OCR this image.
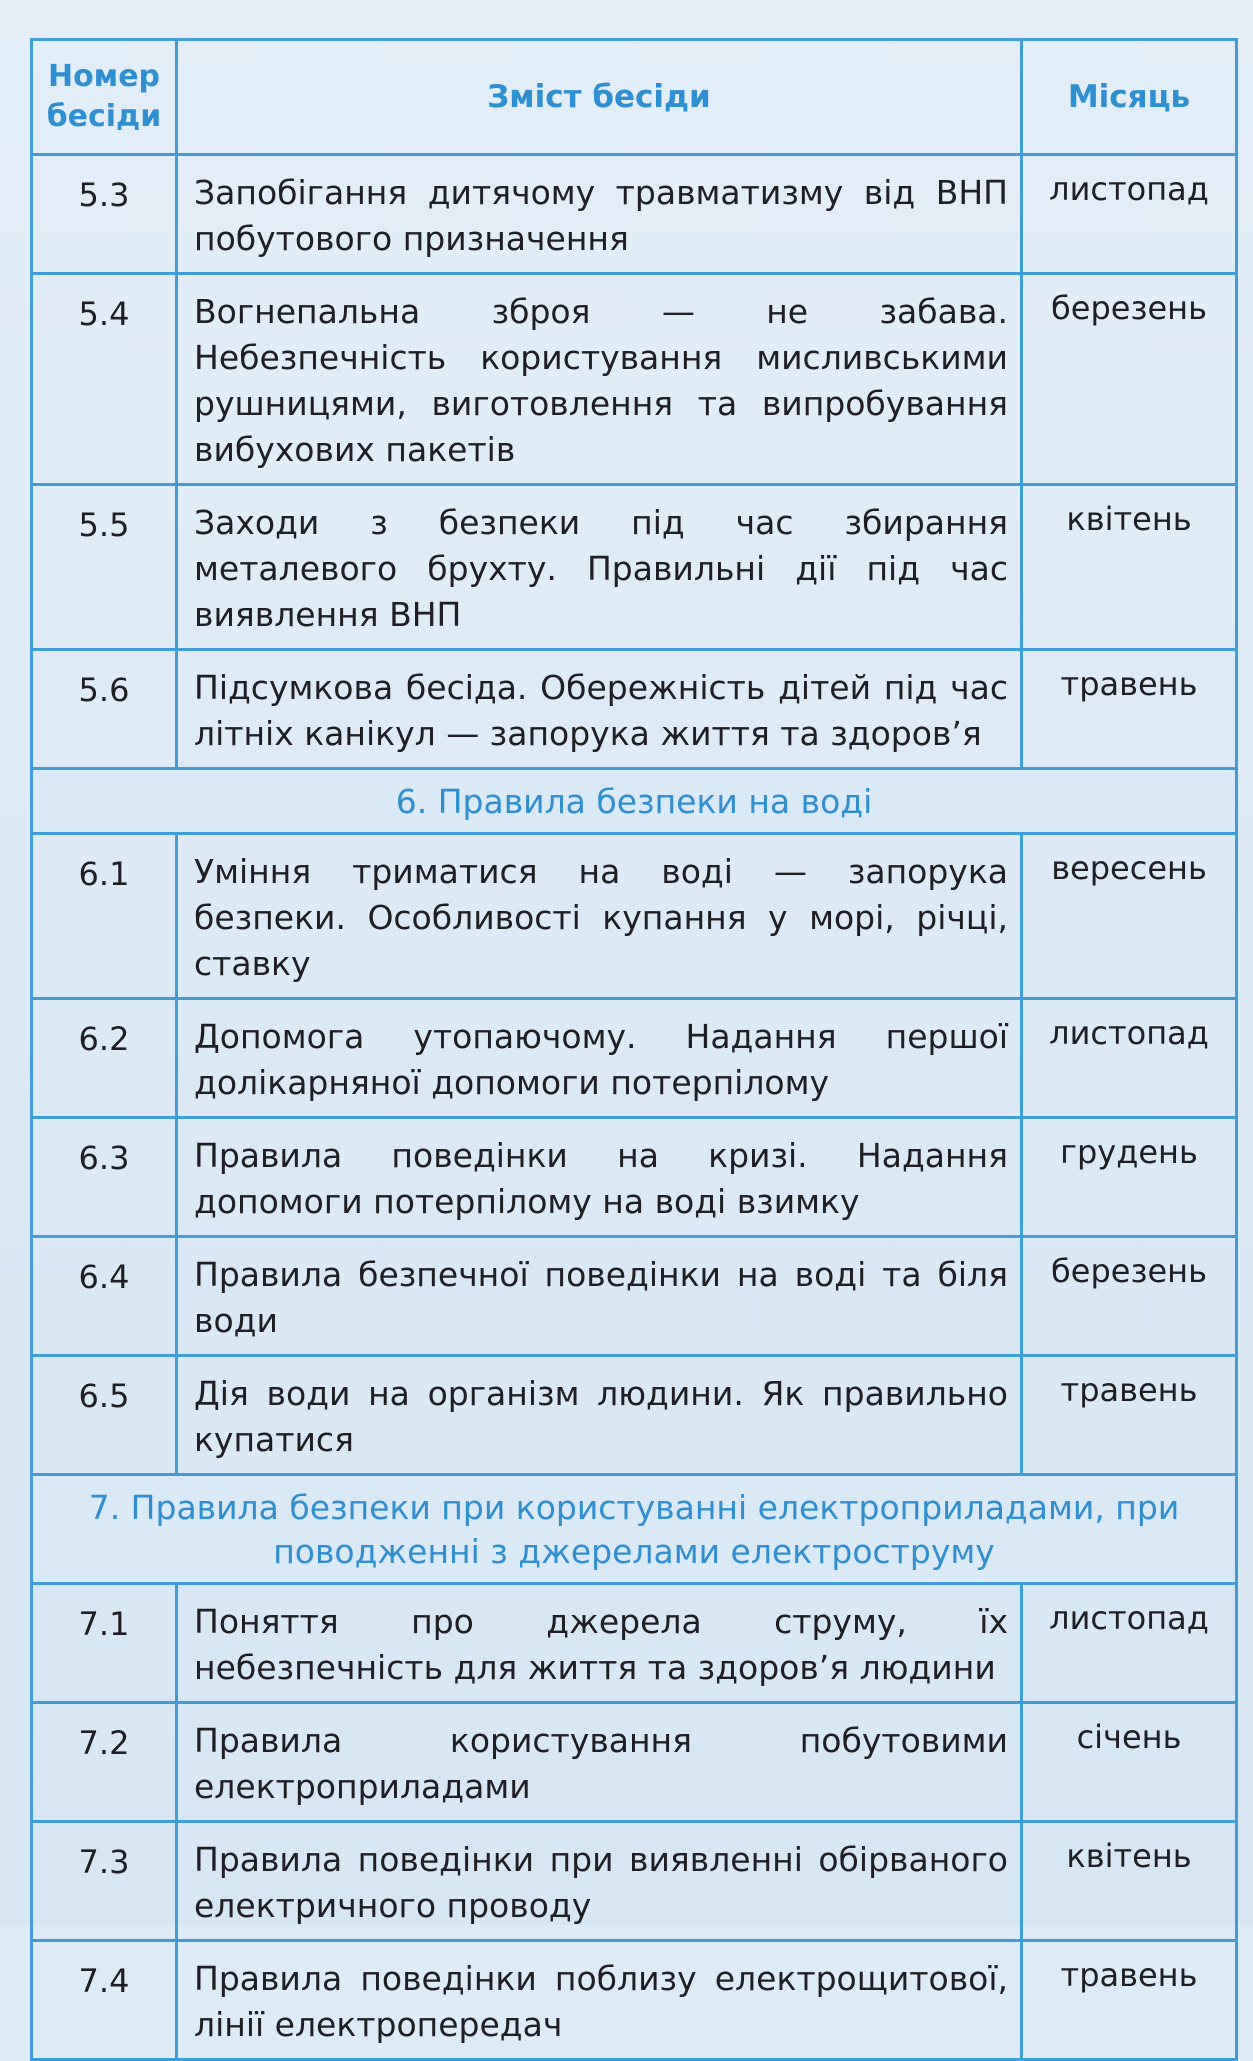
Номер бесіди	Зміст бесіди	Місяць
5.3	Запобігання дитячому травматизму від ВНП побутового призначення	листопад
5.4	Вогнепальна зброя — не забава. Небезпечність користування мисливськими рушницями, виготовлення та випробування вибухових пакетів	березень
5.5	Заходи з безпеки під час збирання металевого брухту. Правильні дії під час виявлення ВНП	квітень
5.6	Підсумкова бесіда. Обережність дітей під час літніх канікул — запорука життя та здоров’я	травень
6. Правила безпеки на воді		
6.1	Уміння триматися на воді — запорука безпеки. Особливості купання у морі, річці, ставку	вересень
6.2	Допомога утопаючому. Надання першої долікарняної допомоги потерпілому	листопад
6.3	Правила поведінки на кризі. Надання допомоги потерпілому на воді взимку	грудень
6.4	Правила безпечної поведінки на воді та біля води	березень
6.5	Дія води на організм людини. Як правильно купатися	травень
7. Правила безпеки при користуванні електроприладами, при поводженні з джерелами електроструму		
7.1	Поняття про джерела струму, їх небезпечність для життя та здоров’я людини	листопад
7.2	Правила користування побутовими електроприладами	січень
7.3	Правила поведінки при виявленні обірваного електричного проводу	квітень
7.4	Правила поведінки поблизу електрощитової, лінії електропередач	травень
